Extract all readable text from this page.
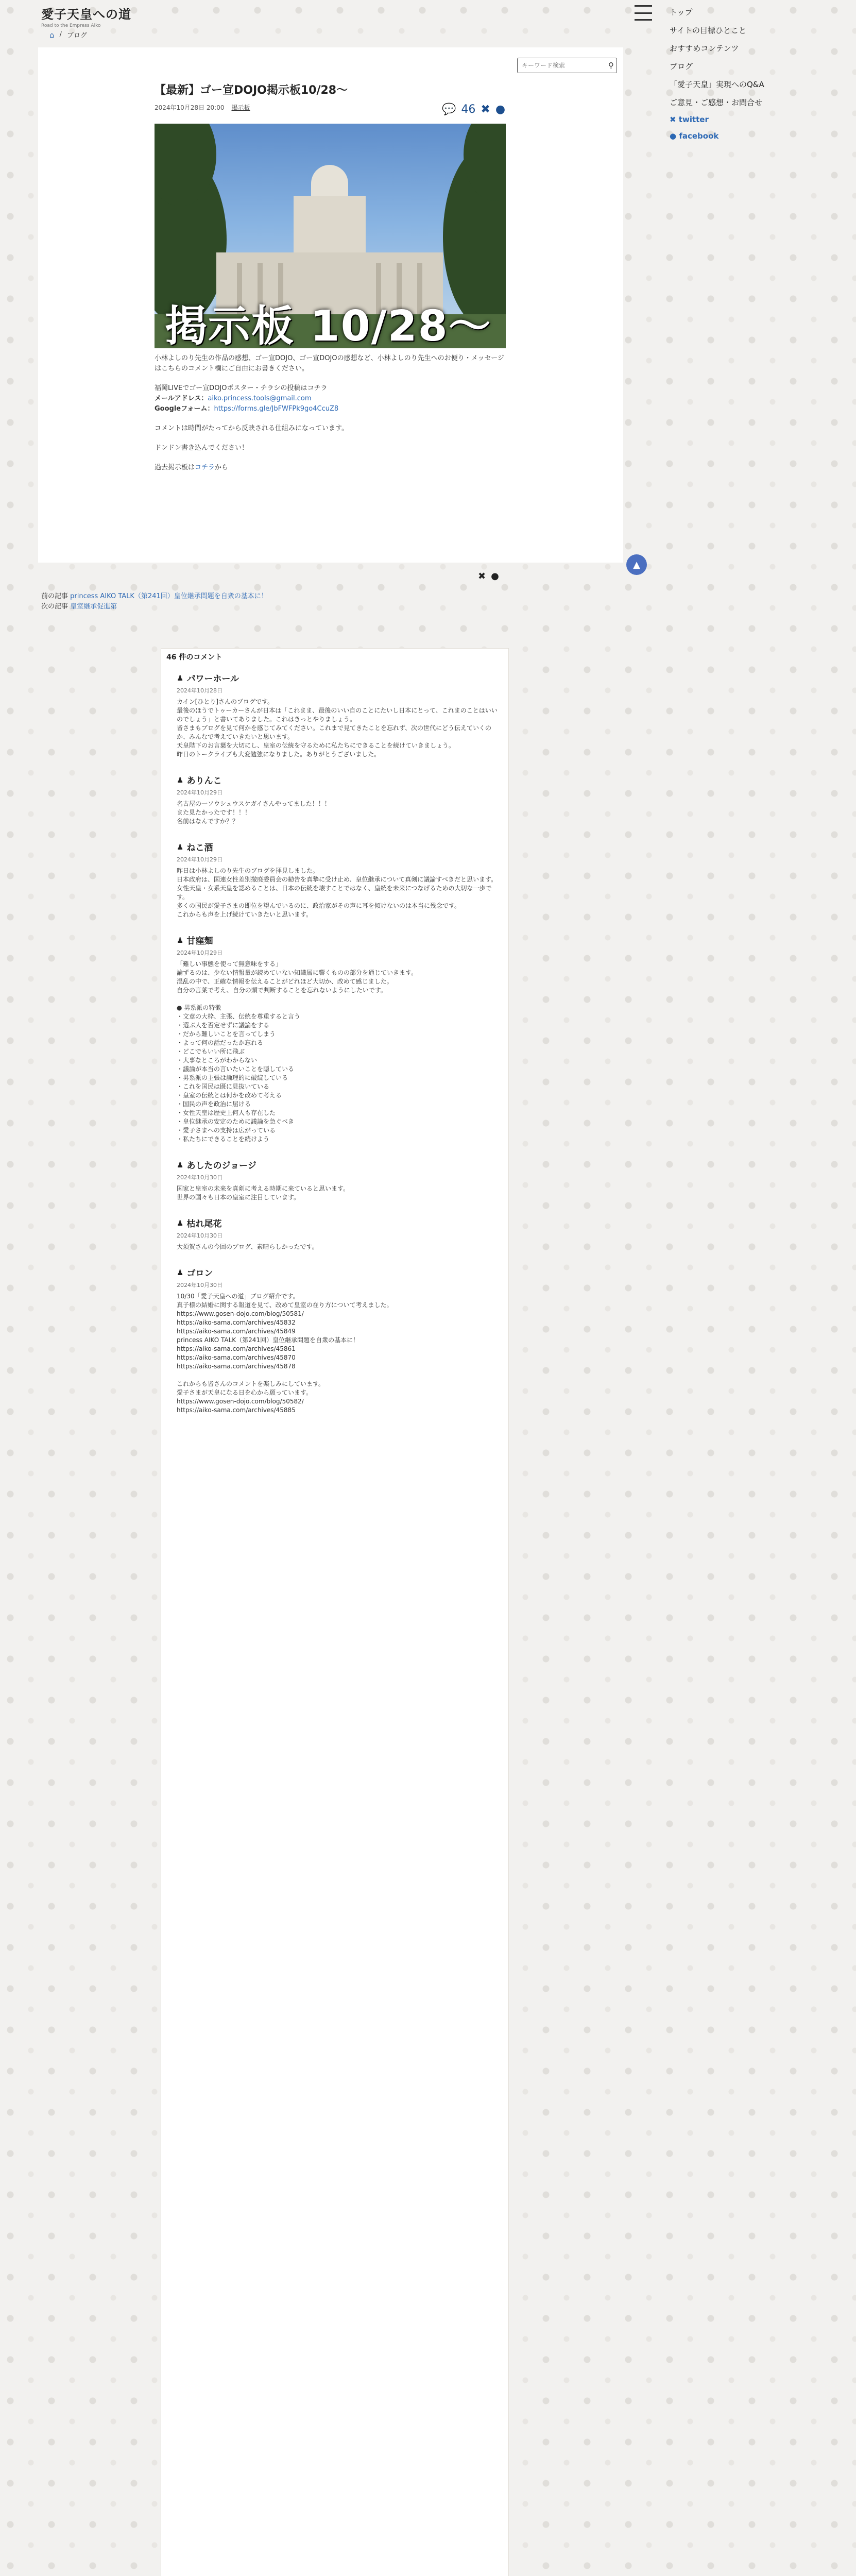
愛子天皇への道
Road to the Empress Aiko
⌂ / ブログ
トップ
サイトの目標ひとこと
おすすめコンテンツ
ブログ
「愛子天皇」実現へのQ&A
ご意見・ご感想・お問合せ
✖ twitter
● facebook
キーワード検索
⚲
【最新】ゴー宣DOJO掲示板10/28〜
2024年10月28日 20:00 掲示板	💬 46 ✖ ●
掲示板 10/28〜

小林よしのり先生の作品の感想、ゴー宣DOJO、ゴー宣DOJOの感想など、小林よしのり先生へのお便り・メッセージはこちらのコメント欄にご自由にお書きください。

福岡LIVEでゴー宣DOJOポスター・チラシの投稿はコチラ

メールアドレス：aiko.princess.tools@gmail.com

Googleフォーム：https://forms.gle/JbFWFPk9go4CcuZ8

コメントは時間がたってから反映される仕組みになっています。

ドンドン書き込んでください！

過去掲示板はコチラから

✖ ●
前の記事 princess AIKO TALK（第241回）皇位継承問題を自衆の基本に！
次の記事 皇室継承促進第
▲
46 件のコメント
♟ パワーホール
2024年10月28日
カイン[ひとり]さんのブログです。
最後のほうでトゥーカーさんが日本は「これまま、最後のいい自のことにたいし日本にとって、これまのことはいいのでしょう」と書いてありました。これはきっとやりましょう。
皆さまもブログを見て何かを感じてみてください。これまで見てきたことを忘れず、次の世代にどう伝えていくのか、みんなで考えていきたいと思います。
天皇陛下のお言葉を大切にし、皇室の伝統を守るために私たちにできることを続けていきましょう。
昨日のトークライブも大変勉強になりました。ありがとうございました。
♟ ありんこ
2024年10月29日
名古屋の一ソウシュウスケガイさんやってました！！！
また見たかったです！！！
名前はなんですか？？
♟ ねこ酒
2024年10月29日
昨日は小林よしのり先生のブログを拝見しました。
日本政府は、国連女性差別撤廃委員会の勧告を真摯に受け止め、皇位継承について真剣に議論すべきだと思います。
女性天皇・女系天皇を認めることは、日本の伝統を壊すことではなく、皇統を未来につなげるための大切な一歩です。
多くの国民が愛子さまの即位を望んでいるのに、政治家がその声に耳を傾けないのは本当に残念です。
これからも声を上げ続けていきたいと思います。
♟ 甘窪麺
2024年10月29日
「難しい事態を使って無意味をする」
論ずるのは、少ない情報量が読めていない知識層に響くものの部分を通じていきます。
混乱の中で、正確な情報を伝えることがどれほど大切か、改めて感じました。
自分の言葉で考え、自分の頭で判断することを忘れないようにしたいです。

● 男系派の特徴
・文章の大枠、主張、伝統を尊重すると言う
・選ぶ人を否定せずに議論をする
・だから難しいことを言ってしまう
・よって何の話だったか忘れる
・どこでもいい所に飛ぶ
・大事なところがわからない
・議論が本当の言いたいことを隠している
・男系派の主張は論理的に破綻している
・これを国民は既に見抜いている
・皇室の伝統とは何かを改めて考える
・国民の声を政治に届ける
・女性天皇は歴史上何人も存在した
・皇位継承の安定のために議論を急ぐべき
・愛子さまへの支持は広がっている
・私たちにできることを続けよう
♟ あしたのジョージ
2024年10月30日
国家と皇室の未来を真剣に考える時期に来ていると思います。
世界の国々も日本の皇室に注目しています。
♟ 枯れ尾花
2024年10月30日
大須賀さんの今回のブログ、素晴らしかったです。
♟ ゴロン
2024年10月30日
10/30「愛子天皇への道」ブログ紹介です。
真子様の結婚に関する報道を見て、改めて皇室の在り方について考えました。
https://www.gosen-dojo.com/blog/50581/
https://aiko-sama.com/archives/45832
https://aiko-sama.com/archives/45849
princess AIKO TALK（第241回）皇位継承問題を自衆の基本に！
https://aiko-sama.com/archives/45861
https://aiko-sama.com/archives/45870
https://aiko-sama.com/archives/45878

これからも皆さんのコメントを楽しみにしています。
愛子さまが天皇になる日を心から願っています。
https://www.gosen-dojo.com/blog/50582/
https://aiko-sama.com/archives/45885
